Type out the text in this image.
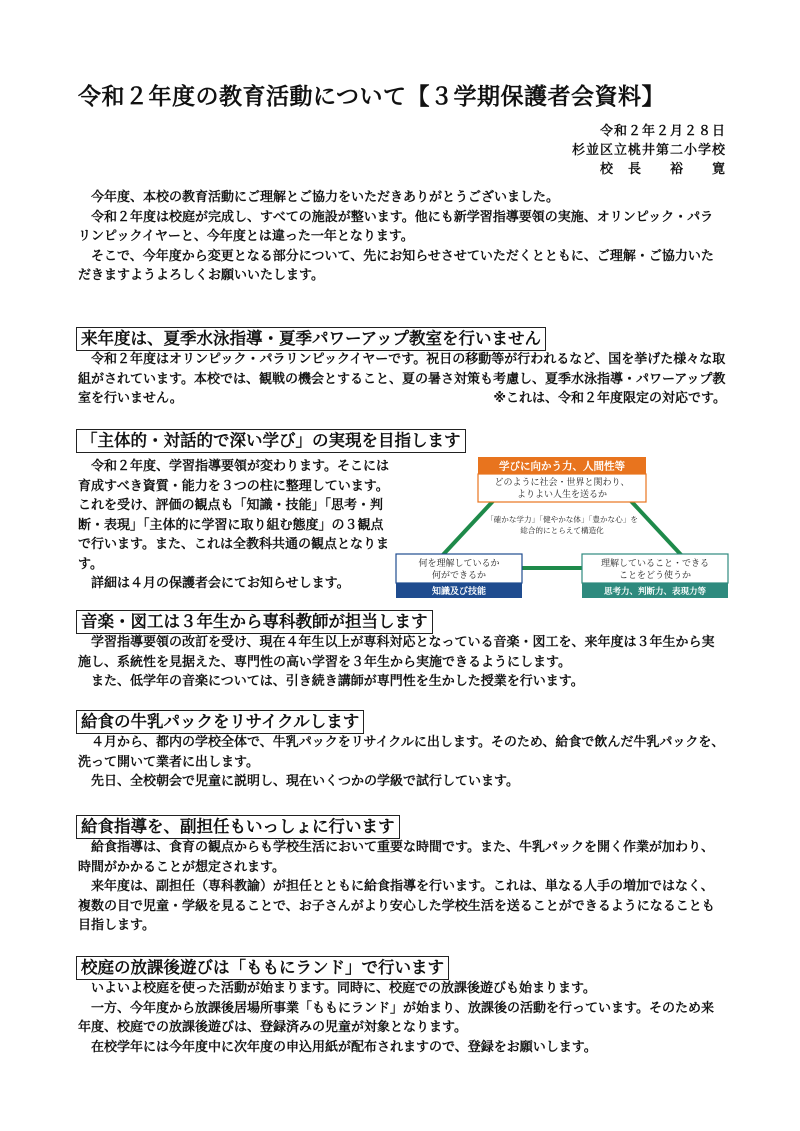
令和２年度の教育活動について【３学期保護者会資料】
令和２年２月２８日
杉並区立桃井第二小学校
校　長　　裕　　寛
今年度、本校の教育活動にご理解とご協力をいただきありがとうございました。
令和２年度は校庭が完成し、すべての施設が整います。他にも新学習指導要領の実施、オリンピック・パラリンピックイヤーと、今年度とは違った一年となります。
そこで、今年度から変更となる部分について、先にお知らせさせていただくとともに、ご理解・ご協力いただきますようよろしくお願いいたします。
来年度は、夏季水泳指導・夏季パワーアップ教室を行いません
令和２年度はオリンピック・パラリンピックイヤーです。祝日の移動等が行われるなど、国を挙げた様々な取組がされています。本校では、観戦の機会とすること、夏の暑さ対策も考慮し、夏季水泳指導・パワーアップ教室を行いません。	※これは、令和２年度限定の対応です。
「主体的・対話的で深い学び」の実現を目指します
令和２年度、学習指導要領が変わります。そこには育成すべき資質・能力を３つの柱に整理しています。これを受け、評価の観点も「知識・技能」「思考・判断・表現」「主体的に学習に取り組む態度」の３観点で行います。また、これは全教科共通の観点となります。
詳細は４月の保護者会にてお知らせします。
学びに向かう力、人間性等
どのように社会・世界と関わり、
よりよい人生を送るか
「確かな学力」「健やかな体」「豊かな心」を
総合的にとらえて構造化
何を理解しているか
何ができるか
知識及び技能
理解していること・できる
ことをどう使うか
思考力、判断力、表現力等
音楽・図工は３年生から専科教師が担当します
学習指導要領の改訂を受け、現在４年生以上が専科対応となっている音楽・図工を、来年度は３年生から実施し、系統性を見据えた、専門性の高い学習を３年生から実施できるようにします。
また、低学年の音楽については、引き続き講師が専門性を生かした授業を行います。
給食の牛乳パックをリサイクルします
４月から、都内の学校全体で、牛乳パックをリサイクルに出します。そのため、給食で飲んだ牛乳パックを、洗って開いて業者に出します。
先日、全校朝会で児童に説明し、現在いくつかの学級で試行しています。
給食指導を、副担任もいっしょに行います
給食指導は、食育の観点からも学校生活において重要な時間です。また、牛乳パックを開く作業が加わり、時間がかかることが想定されます。
来年度は、副担任（専科教諭）が担任とともに給食指導を行います。これは、単なる人手の増加ではなく、複数の目で児童・学級を見ることで、お子さんがより安心した学校生活を送ることができるようになることも目指します。
校庭の放課後遊びは「ももにランド」で行います
いよいよ校庭を使った活動が始まります。同時に、校庭での放課後遊びも始まります。
一方、今年度から放課後居場所事業「ももにランド」が始まり、放課後の活動を行っています。そのため来年度、校庭での放課後遊びは、登録済みの児童が対象となります。
在校学年には今年度中に次年度の申込用紙が配布されますので、登録をお願いします。
